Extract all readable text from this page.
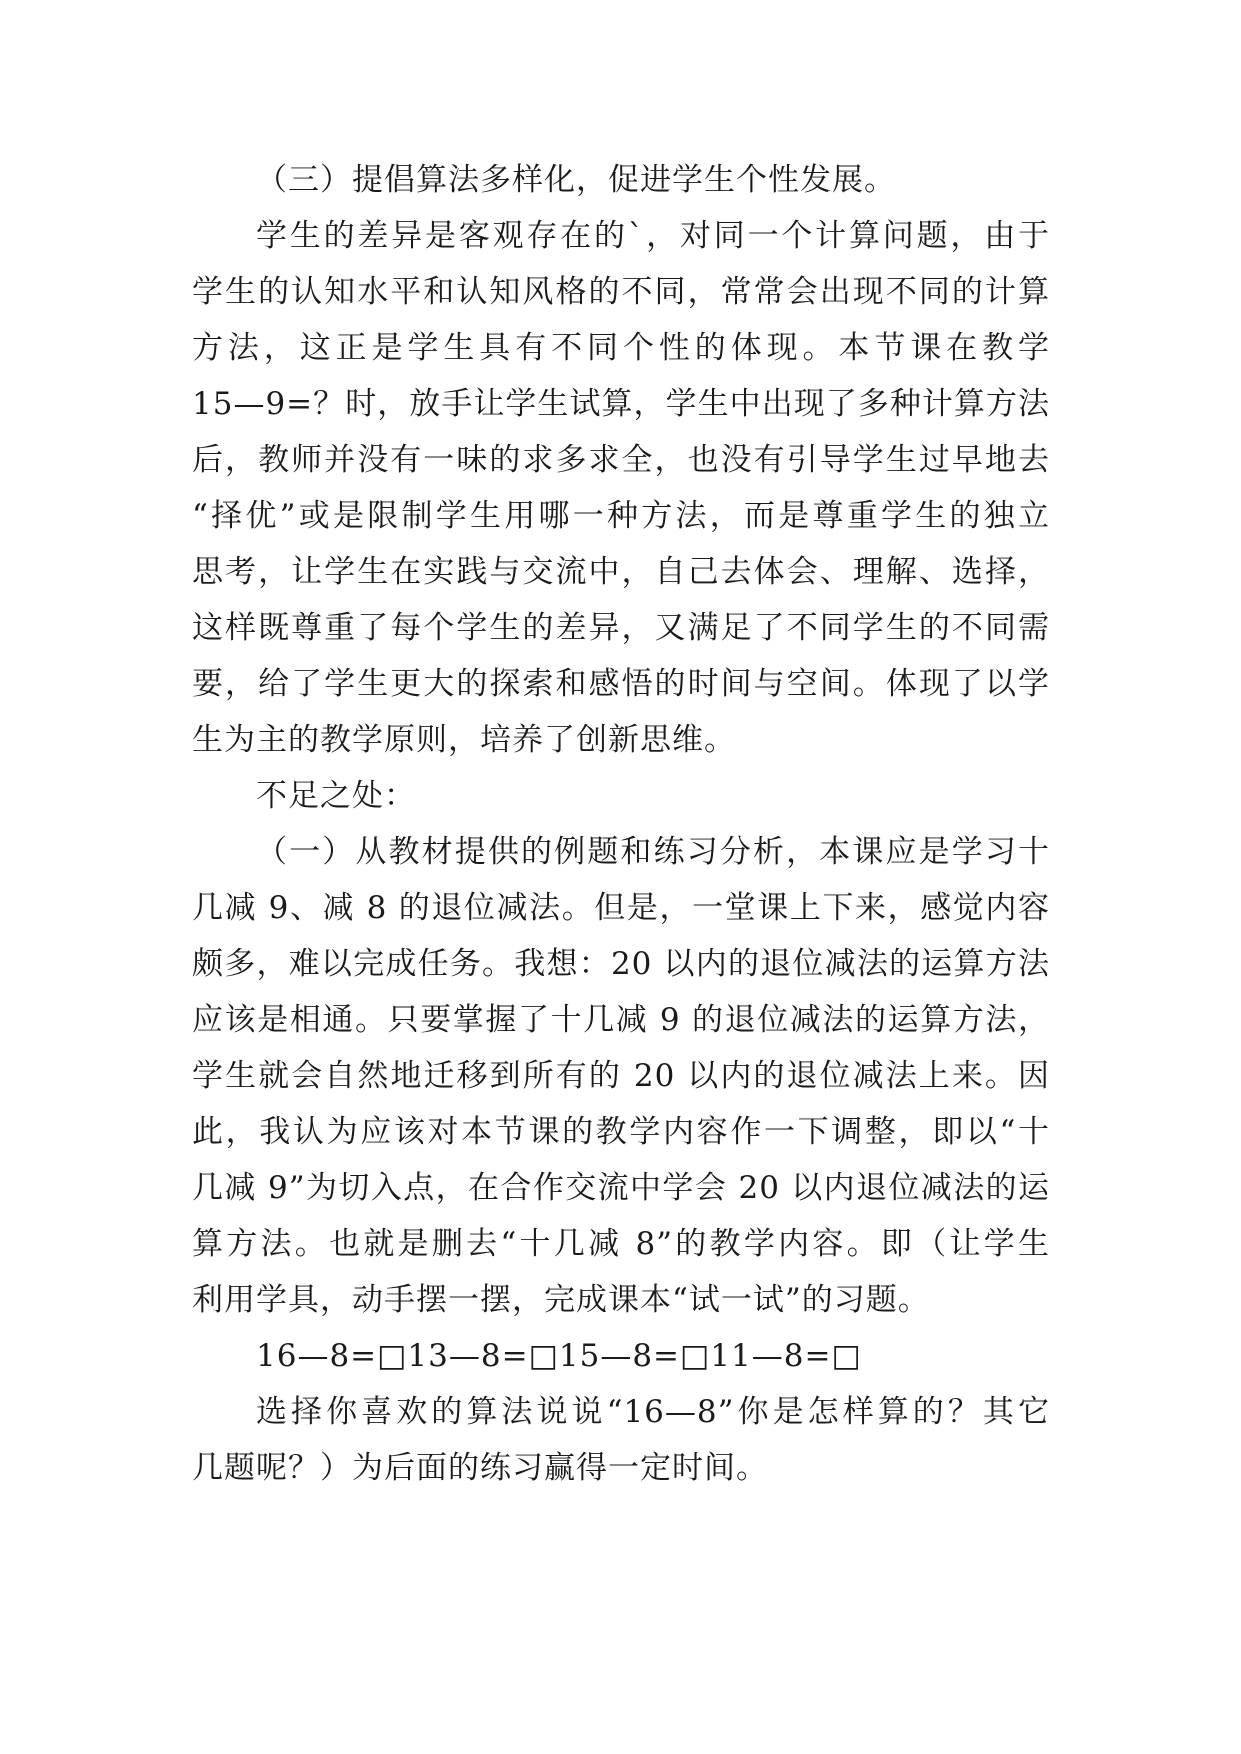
（三）提倡算法多样化，促进学生个性发展。
学生的差异是客观存在的`，对同一个计算问题，由于
学生的认知水平和认知风格的不同，常常会出现不同的计算
方法，这正是学生具有不同个性的体现。本节课在教学
15—9=？时，放手让学生试算，学生中出现了多种计算方法
后，教师并没有一味的求多求全，也没有引导学生过早地去
“择优”或是限制学生用哪一种方法，而是尊重学生的独立
思考，让学生在实践与交流中，自己去体会、理解、选择，
这样既尊重了每个学生的差异，又满足了不同学生的不同需
要，给了学生更大的探索和感悟的时间与空间。体现了以学
生为主的教学原则，培养了创新思维。
不足之处：
（一）从教材提供的例题和练习分析，本课应是学习十
几减 9、减 8 的退位减法。但是，一堂课上下来，感觉内容
颇多，难以完成任务。我想：20 以内的退位减法的运算方法
应该是相通。只要掌握了十几减 9 的退位减法的运算方法，
学生就会自然地迁移到所有的 20 以内的退位减法上来。因
此，我认为应该对本节课的教学内容作一下调整，即以“十
几减 9”为切入点，在合作交流中学会 20 以内退位减法的运
算方法。也就是删去“十几减 8”的教学内容。即（让学生
利用学具，动手摆一摆，完成课本“试一试”的习题。
16—8=□13—8=□15—8=□11—8=□
选择你喜欢的算法说说“16—8”你是怎样算的？其它
几题呢？）为后面的练习赢得一定时间。
